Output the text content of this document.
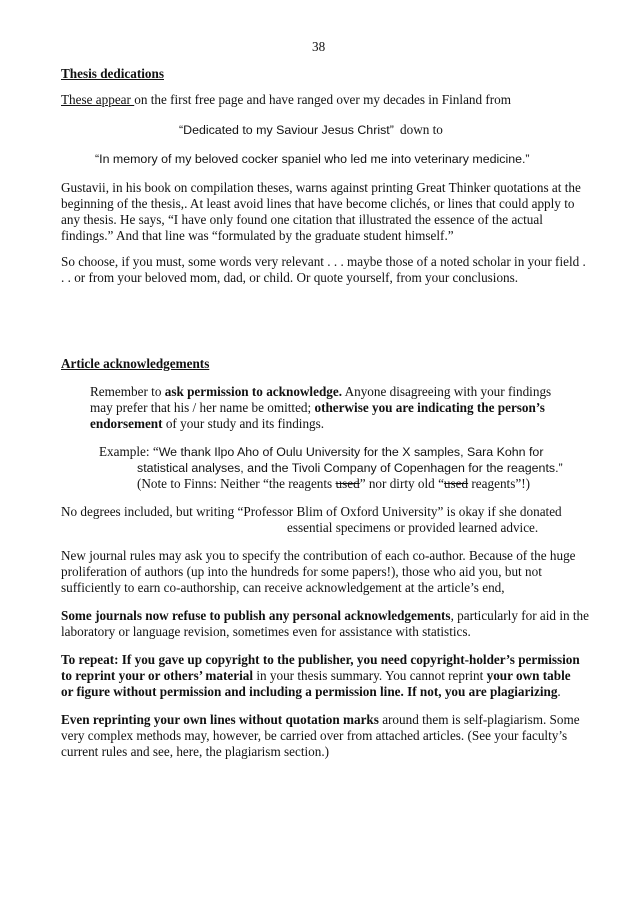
38
Thesis dedications
These appear on the first free page and have ranged over my decades in Finland from
“Dedicated to my Saviour Jesus Christ” down to
“In memory of my beloved cocker spaniel who led me into veterinary medicine.”
Gustavii, in his book on compilation theses, warns against printing Great Thinker quotations at the
beginning of the thesis,. At least avoid lines that have become clichés, or lines that could apply to
any thesis. He says, “I have only found one citation that illustrated the essence of the actual
findings.” And that line was “formulated by the graduate student himself.”
So choose, if you must, some words very relevant . . . maybe those of a noted scholar in your field .
. . or from your beloved mom, dad, or child. Or quote yourself, from your conclusions.
Article acknowledgements
Remember to ask permission to acknowledge. Anyone disagreeing with your findings
may prefer that his / her name be omitted; otherwise you are indicating the person’s
endorsement of your study and its findings.
Example: “We thank Ilpo Aho of Oulu University for the X samples, Sara Kohn for
statistical analyses, and the Tivoli Company of Copenhagen for the reagents.”
(Note to Finns: Neither “the reagents used” nor dirty old “used reagents”!)
No degrees included, but writing “Professor Blim of Oxford University” is okay if she donated
essential specimens or provided learned advice.
New journal rules may ask you to specify the contribution of each co-author. Because of the huge
proliferation of authors (up into the hundreds for some papers!), those who aid you, but not
sufficiently to earn co-authorship, can receive acknowledgement at the article’s end,
Some journals now refuse to publish any personal acknowledgements, particularly for aid in the
laboratory or language revision, sometimes even for assistance with statistics.
To repeat: If you gave up copyright to the publisher, you need copyright-holder’s permission
to reprint your or others’ material in your thesis summary. You cannot reprint your own table
or figure without permission and including a permission line. If not, you are plagiarizing.
Even reprinting your own lines without quotation marks around them is self-plagiarism. Some
very complex methods may, however, be carried over from attached articles. (See your faculty’s
current rules and see, here, the plagiarism section.)
